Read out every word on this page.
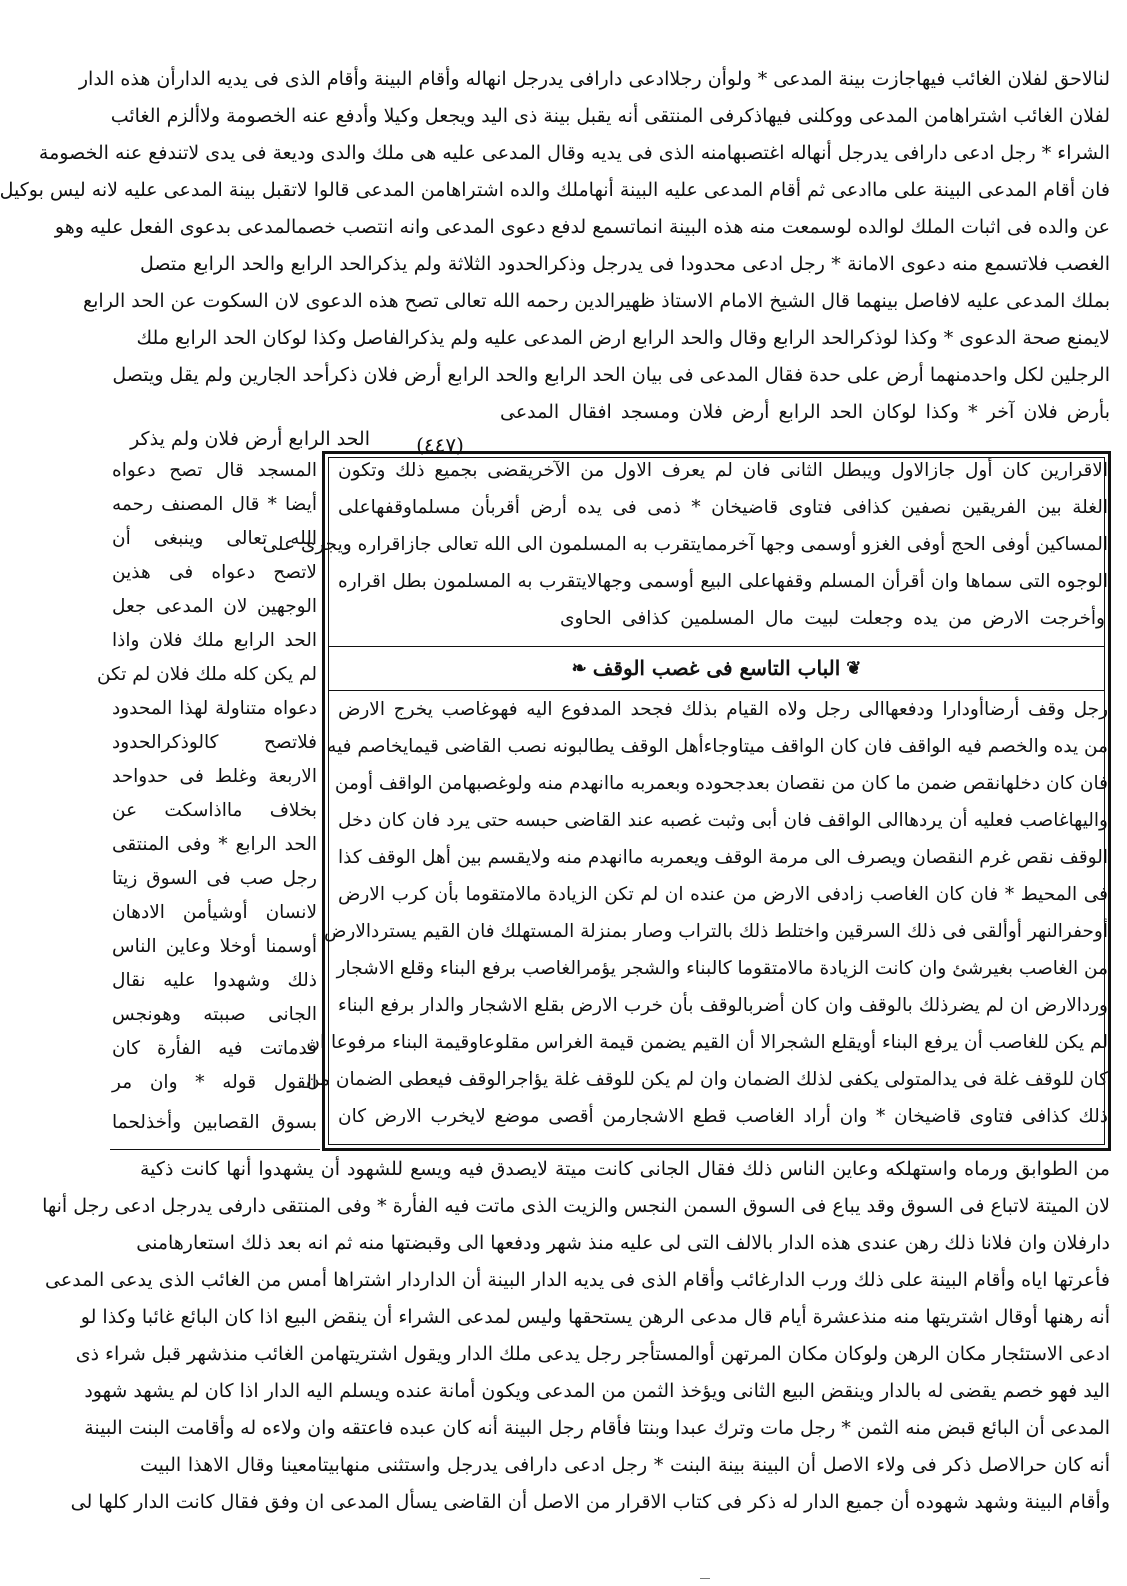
لنالاحق لفلان الغائب فيهاجازت بينة المدعى * ولوأن رجلاادعى دارافى يدرجل انهاله وأقام البينة وأقام الذى فى يديه الدارأن هذه الدار
لفلان الغائب اشتراهامن المدعى ووكلنى فيهاذكرفى المنتقى أنه يقبل بينة ذى اليد ويجعل وكيلا وأدفع عنه الخصومة ولاألزم الغائب
الشراء * رجل ادعى دارافى يدرجل أنهاله اغتصبهامنه الذى فى يديه وقال المدعى عليه هى ملك والدى وديعة فى يدى لاتندفع عنه الخصومة
فان أقام المدعى البينة على ماادعى ثم أقام المدعى عليه البينة أنهاملك والده اشتراهامن المدعى قالوا لاتقبل بينة المدعى عليه لانه ليس بوكيل
عن والده فى اثبات الملك لوالده لوسمعت منه هذه البينة انماتسمع لدفع دعوى المدعى وانه انتصب خصمالمدعى بدعوى الفعل عليه وهو
الغصب فلاتسمع منه دعوى الامانة * رجل ادعى محدودا فى يدرجل وذكرالحدود الثلاثة ولم يذكرالحد الرابع والحد الرابع متصل
بملك المدعى عليه لافاصل بينهما قال الشيخ الامام الاستاذ ظهيرالدين رحمه الله تعالى تصح هذه الدعوى لان السكوت عن الحد الرابع
لايمنع صحة الدعوى * وكذا لوذكرالحد الرابع وقال والحد الرابع ارض المدعى عليه ولم يذكرالفاصل وكذا لوكان الحد الرابع ملك
الرجلين لكل واحدمنهما أرض على حدة فقال المدعى فى بيان الحد الرابع والحد الرابع أرض فلان ذكرأحد الجارين ولم يقل ويتصل
بأرض فلان آخر * وكذا لوكان الحد الرابع أرض فلان ومسجد افقال المدعى
الحد الرابع أرض فلان ولم يذكر	(٤٤٧)
الاقرارين كان أول جازالاول ويبطل الثانى فان لم يعرف الاول من الآخريقضى بجميع ذلك وتكون
الغلة بين الفريقين نصفين كذافى فتاوى قاضيخان * ذمى فى يده أرض أقربأن مسلماوقفهاعلى
المساكين أوفى الحج أوفى الغزو أوسمى وجها آخرممايتقرب به المسلمون الى الله تعالى جازاقراره ويجرى على
الوجوه التى سماها وان أقرأن المسلم وقفهاعلى البيع أوسمى وجهالايتقرب به المسلمون بطل اقراره
وأخرجت الارض من يده وجعلت لبيت مال المسلمين كذافى الحاوى
❦
الباب التاسع فى غصب الوقف
❧
رجل وقف أرضاأودارا ودفعهاالى رجل ولاه القيام بذلك فجحد المدفوع اليه فهوغاصب يخرج الارض
من يده والخصم فيه الواقف فان كان الواقف ميتاوجاءأهل الوقف يطالبونه نصب القاضى قيمايخاصم فيه
فان كان دخلهانقص ضمن ما كان من نقصان بعدجحوده وبعمربه ماانهدم منه ولوغصبهامن الواقف أومن
واليهاغاصب فعليه أن يردهاالى الواقف فان أبى وثبت غصبه عند القاضى حبسه حتى يرد فان كان دخل
الوقف نقص غرم النقصان ويصرف الى مرمة الوقف ويعمربه ماانهدم منه ولايقسم بين أهل الوقف كذا
فى المحيط * فان كان الغاصب زادفى الارض من عنده ان لم تكن الزيادة مالامتقوما بأن كرب الارض
أوحفرالنهر أوألقى فى ذلك السرقين واختلط ذلك بالتراب وصار بمنزلة المستهلك فان القيم يستردالارض
من الغاصب بغيرشئ وان كانت الزيادة مالامتقوما كالبناء والشجر يؤمرالغاصب برفع البناء وقلع الاشجار
وردالارض ان لم يضرذلك بالوقف وان كان أضربالوقف بأن خرب الارض بقلع الاشجار والدار برفع البناء
لم يكن للغاصب أن يرفع البناء أويقلع الشجرالا أن القيم يضمن قيمة الغراس مقلوعاوقيمة البناء مرفوعا ان
كان للوقف غلة فى يدالمتولى يكفى لذلك الضمان وان لم يكن للوقف غلة يؤاجرالوقف فيعطى الضمان من
ذلك كذافى فتاوى قاضيخان * وان أراد الغاصب قطع الاشجارمن أقصى موضع لايخرب الارض كان
المسجد قال تصح دعواه
أيضا * قال المصنف رحمه
الله تعالى وينبغى أن
لاتصح دعواه فى هذين
الوجهين لان المدعى جعل
الحد الرابع ملك فلان واذا
لم يكن كله ملك فلان لم تكن
دعواه متناولة لهذا المحدود
فلاتصح كالوذكرالحدود
الاربعة وغلط فى حدواحد
بخلاف مااذاسكت عن
الحد الرابع * وفى المنتقى
رجل صب فى السوق زيتا
لانسان أوشيأمن الادهان
أوسمنا أوخلا وعاين الناس
ذلك وشهدوا عليه نقال
الجانى صببته وهونجس
قدماتت فيه الفأرة كان
القول قوله * وان مر
بسوق القصابين وأخذلحما
من الطوابق ورماه واستهلكه وعاين الناس ذلك فقال الجانى كانت ميتة لايصدق فيه ويسع للشهود أن يشهدوا أنها كانت ذكية
لان الميتة لاتباع فى السوق وقد يباع فى السوق السمن النجس والزيت الذى ماتت فيه الفأرة * وفى المنتقى دارفى يدرجل ادعى رجل أنها
دارفلان وان فلانا ذلك رهن عندى هذه الدار بالالف التى لى عليه منذ شهر ودفعها الى وقبضتها منه ثم انه بعد ذلك استعارهامنى
فأعرتها اياه وأقام البينة على ذلك ورب الدارغائب وأقام الذى فى يديه الدار البينة أن الداردار اشتراها أمس من الغائب الذى يدعى المدعى
أنه رهنها أوقال اشتريتها منه منذعشرة أيام قال مدعى الرهن يستحقها وليس لمدعى الشراء أن ينقض البيع اذا كان البائع غائبا وكذا لو
ادعى الاستئجار مكان الرهن ولوكان مكان المرتهن أوالمستأجر رجل يدعى ملك الدار ويقول اشتريتهامن الغائب منذشهر قبل شراء ذى
اليد فهو خصم يقضى له بالدار وينقض البيع الثانى ويؤخذ الثمن من المدعى ويكون أمانة عنده ويسلم اليه الدار اذا كان لم يشهد شهود
المدعى أن البائع قبض منه الثمن * رجل مات وترك عبدا وبنتا فأقام رجل البينة أنه كان عبده فاعتقه وان ولاءه له وأقامت البنت البينة
أنه كان حرالاصل ذكر فى ولاء الاصل أن البينة بينة البنت * رجل ادعى دارافى يدرجل واستثنى منهابيتامعينا وقال الاهذا البيت
وأقام البينة وشهد شهوده أن جميع الدار له ذكر فى كتاب الاقرار من الاصل أن القاضى يسأل المدعى ان وفق فقال كانت الدار كلها لى
